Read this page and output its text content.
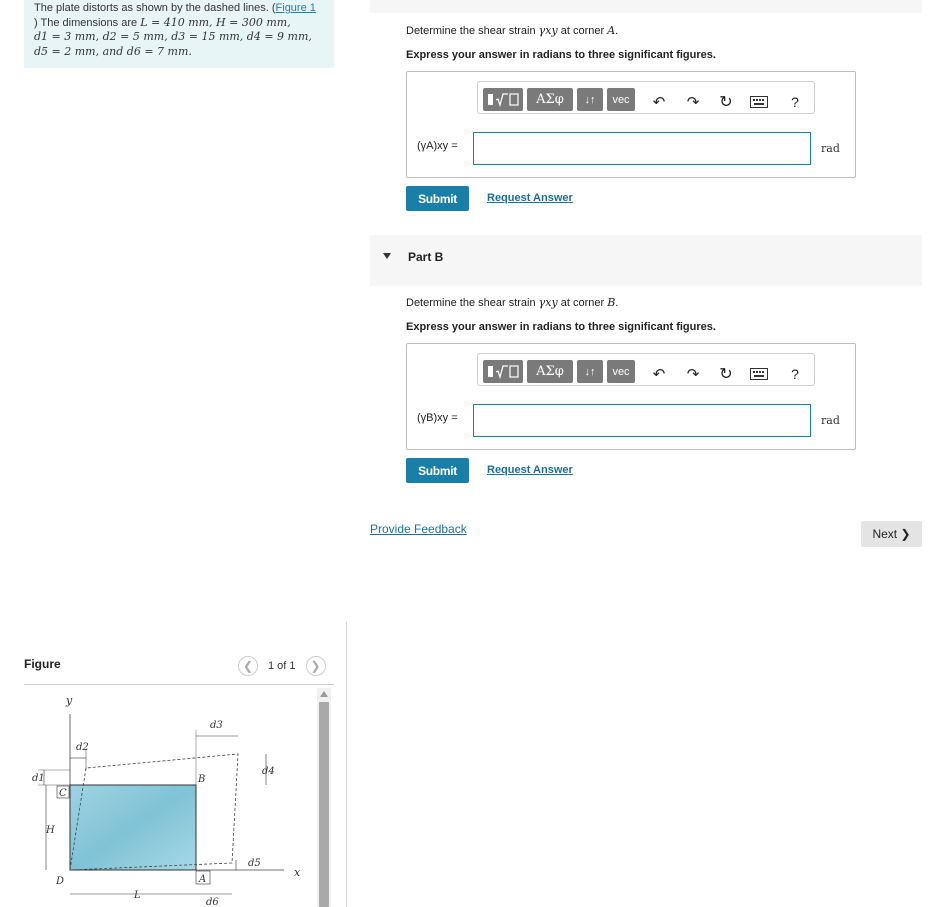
The plate distorts as shown by the dashed lines. (Figure 1
) The dimensions are L = 410 mm, H = 300 mm,
d1 = 3 mm, d2 = 5 mm, d3 = 15 mm, d4 = 9 mm,
d5 = 2 mm, and d6 = 7 mm.
Figure	❮	1 of 1	❯
y
x
d2
d1
H
C
B
D	A
d3
d4
d5
L
d6
Determine the shear strain γxy at corner A.
Express your answer in radians to three significant figures.
ΑΣφ	↓↑	vec	↶ ↷ ↻	?
(γA)xy =	rad
Submit	Request Answer
Part B
Determine the shear strain γxy at corner B.
Express your answer in radians to three significant figures.
ΑΣφ	↓↑	vec	↶ ↷ ↻	?
(γB)xy =	rad
Submit	Request Answer
Provide Feedback	Next ❯
